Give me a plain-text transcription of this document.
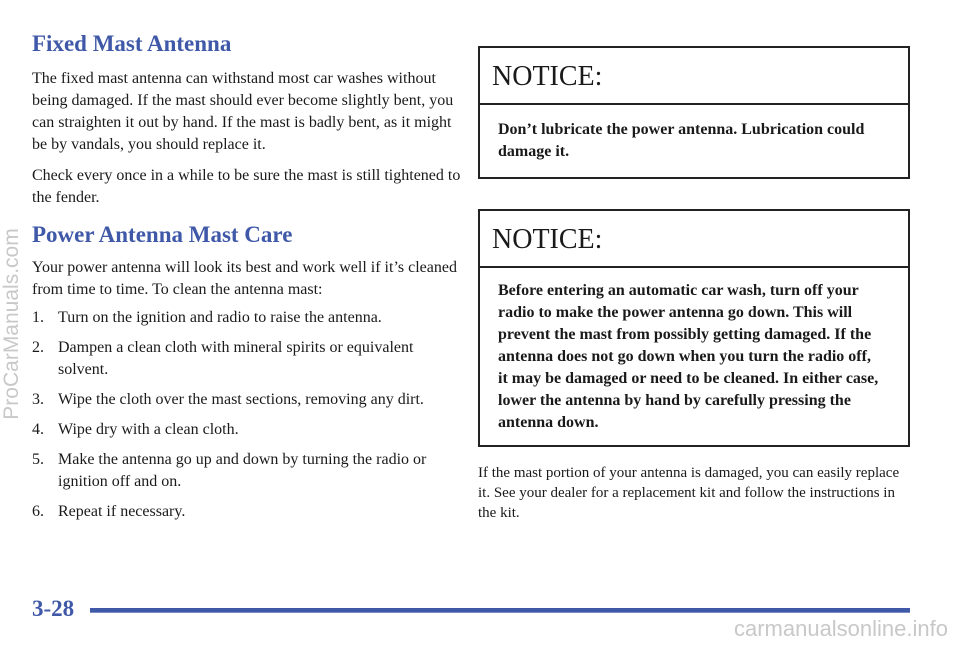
ProCarManuals.com
Fixed Mast Antenna

The fixed mast antenna can withstand most car washes without being damaged. If the mast should ever become slightly bent, you can straighten it out by hand. If the mast is badly bent, as it might be by vandals, you should replace it.

Check every once in a while to be sure the mast is still tightened to the fender.

Power Antenna Mast Care

Your power antenna will look its best and work well if it’s cleaned from time to time. To clean the antenna mast:

1. Turn on the ignition and radio to raise the antenna.
2. Dampen a clean cloth with mineral spirits or equivalent solvent.
3. Wipe the cloth over the mast sections, removing any dirt.
4. Wipe dry with a clean cloth.
5. Make the antenna go up and down by turning the radio or ignition off and on.
6. Repeat if necessary.
NOTICE:
Don’t lubricate the power antenna. Lubrication could damage it.
NOTICE:
Before entering an automatic car wash, turn off your radio to make the power antenna go down. This will prevent the mast from possibly getting damaged. If the antenna does not go down when you turn the radio off, it may be damaged or need to be cleaned. In either case, lower the antenna by hand by carefully pressing the antenna down.

If the mast portion of your antenna is damaged, you can easily replace it. See your dealer for a replacement kit and follow the instructions in the kit.

3-28
carmanualsonline.info
